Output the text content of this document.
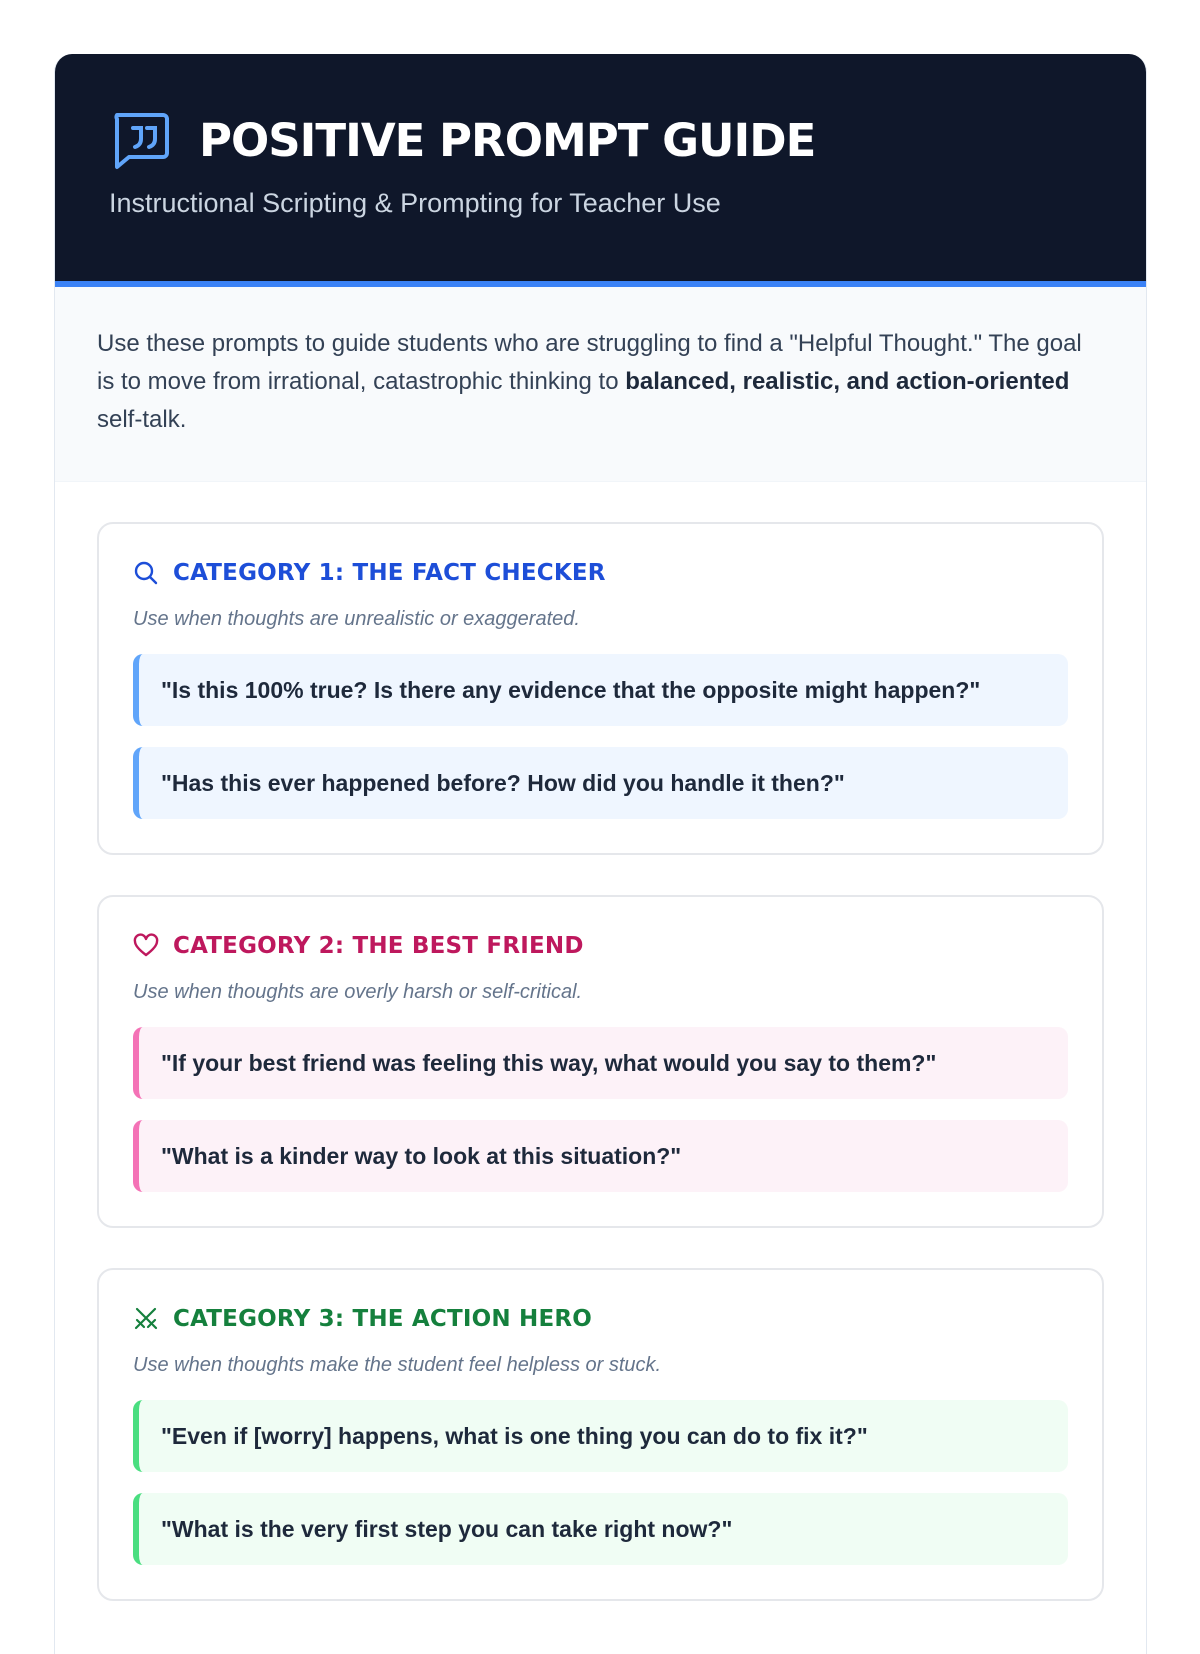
POSITIVE PROMPT GUIDE
Instructional Scripting & Prompting for Teacher Use

Use these prompts to guide students who are struggling to find a "Helpful Thought." The goal is to move from irrational, catastrophic thinking to balanced, realistic, and action-oriented self-talk.

CATEGORY 1: THE FACT CHECKER
Use when thoughts are unrealistic or exaggerated.
"Is this 100% true? Is there any evidence that the opposite might happen?"
"Has this ever happened before? How did you handle it then?"
CATEGORY 2: THE BEST FRIEND
Use when thoughts are overly harsh or self-critical.
"If your best friend was feeling this way, what would you say to them?"
"What is a kinder way to look at this situation?"
CATEGORY 3: THE ACTION HERO
Use when thoughts make the student feel helpless or stuck.
"Even if [worry] happens, what is one thing you can do to fix it?"
"What is the very first step you can take right now?"
